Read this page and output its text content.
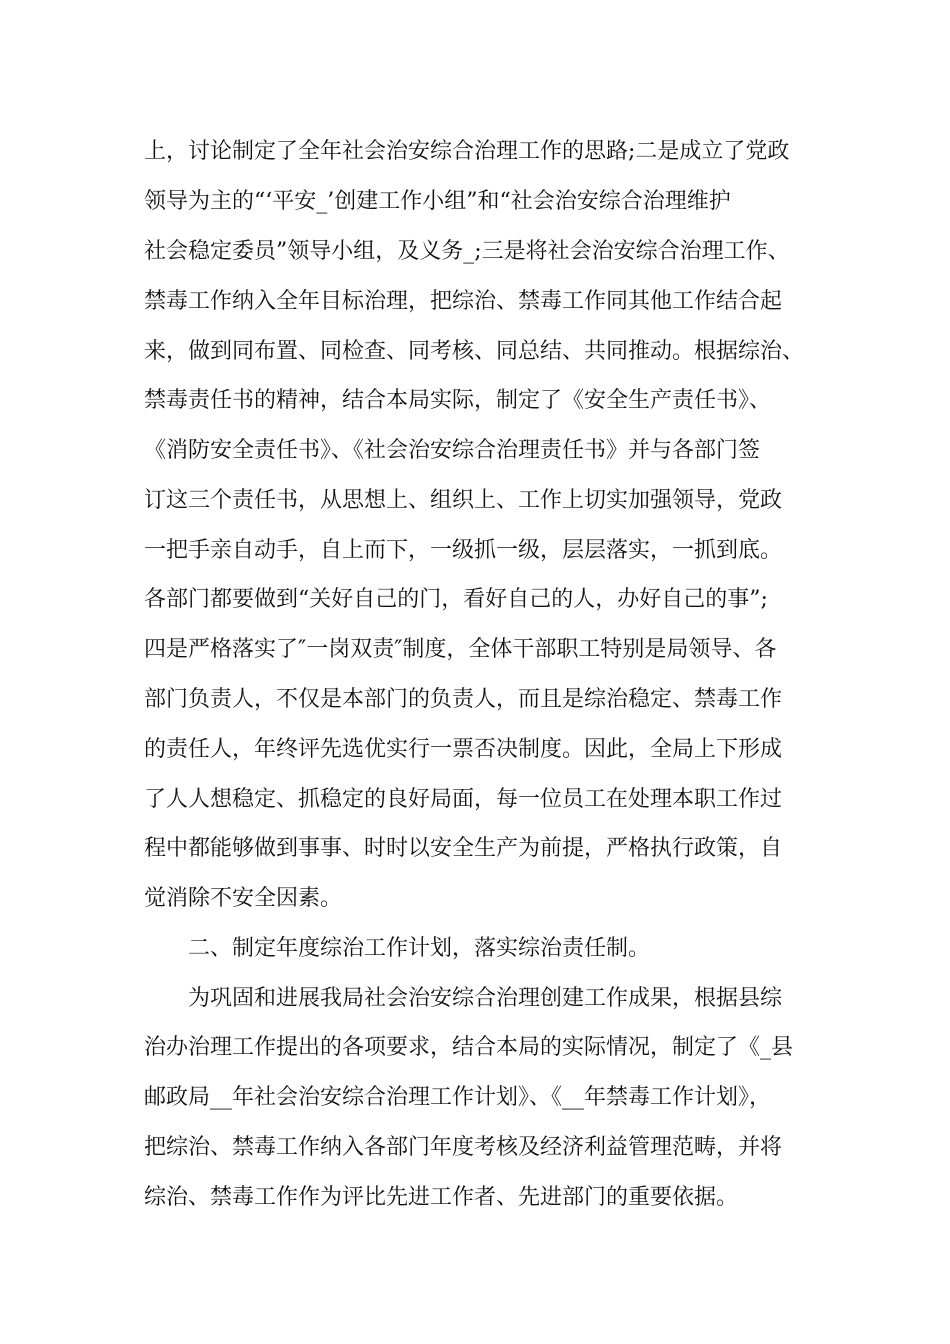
上，讨论制定了全年社会治安综合治理工作的思路;二是成立了党政
领导为主的“‘平安_’创建工作小组”和“社会治安综合治理维护
社会稳定委员”领导小组，及义务_;三是将社会治安综合治理工作、
禁毒工作纳入全年目标治理，把综治、禁毒工作同其他工作结合起
来，做到同布置、同检查、同考核、同总结、共同推动。根据综治、
禁毒责任书的精神，结合本局实际，制定了《安全生产责任书》、
《消防安全责任书》、《社会治安综合治理责任书》并与各部门签
订这三个责任书，从思想上、组织上、工作上切实加强领导，党政
一把手亲自动手，自上而下，一级抓一级，层层落实，一抓到底。
各部门都要做到“关好自己的门，看好自己的人，办好自己的事”;
四是严格落实了″一岗双责″制度，全体干部职工特别是局领导、各
部门负责人，不仅是本部门的负责人，而且是综治稳定、禁毒工作
的责任人，年终评先选优实行一票否决制度。因此，全局上下形成
了人人想稳定、抓稳定的良好局面，每一位员工在处理本职工作过
程中都能够做到事事、时时以安全生产为前提，严格执行政策，自
觉消除不安全因素。
二、制定年度综治工作计划，落实综治责任制。
为巩固和进展我局社会治安综合治理创建工作成果，根据县综
治办治理工作提出的各项要求，结合本局的实际情况，制定了《_县
邮政局__年社会治安综合治理工作计划》、《__年禁毒工作计划》，
把综治、禁毒工作纳入各部门年度考核及经济利益管理范畴，并将
综治、禁毒工作作为评比先进工作者、先进部门的重要依据。
